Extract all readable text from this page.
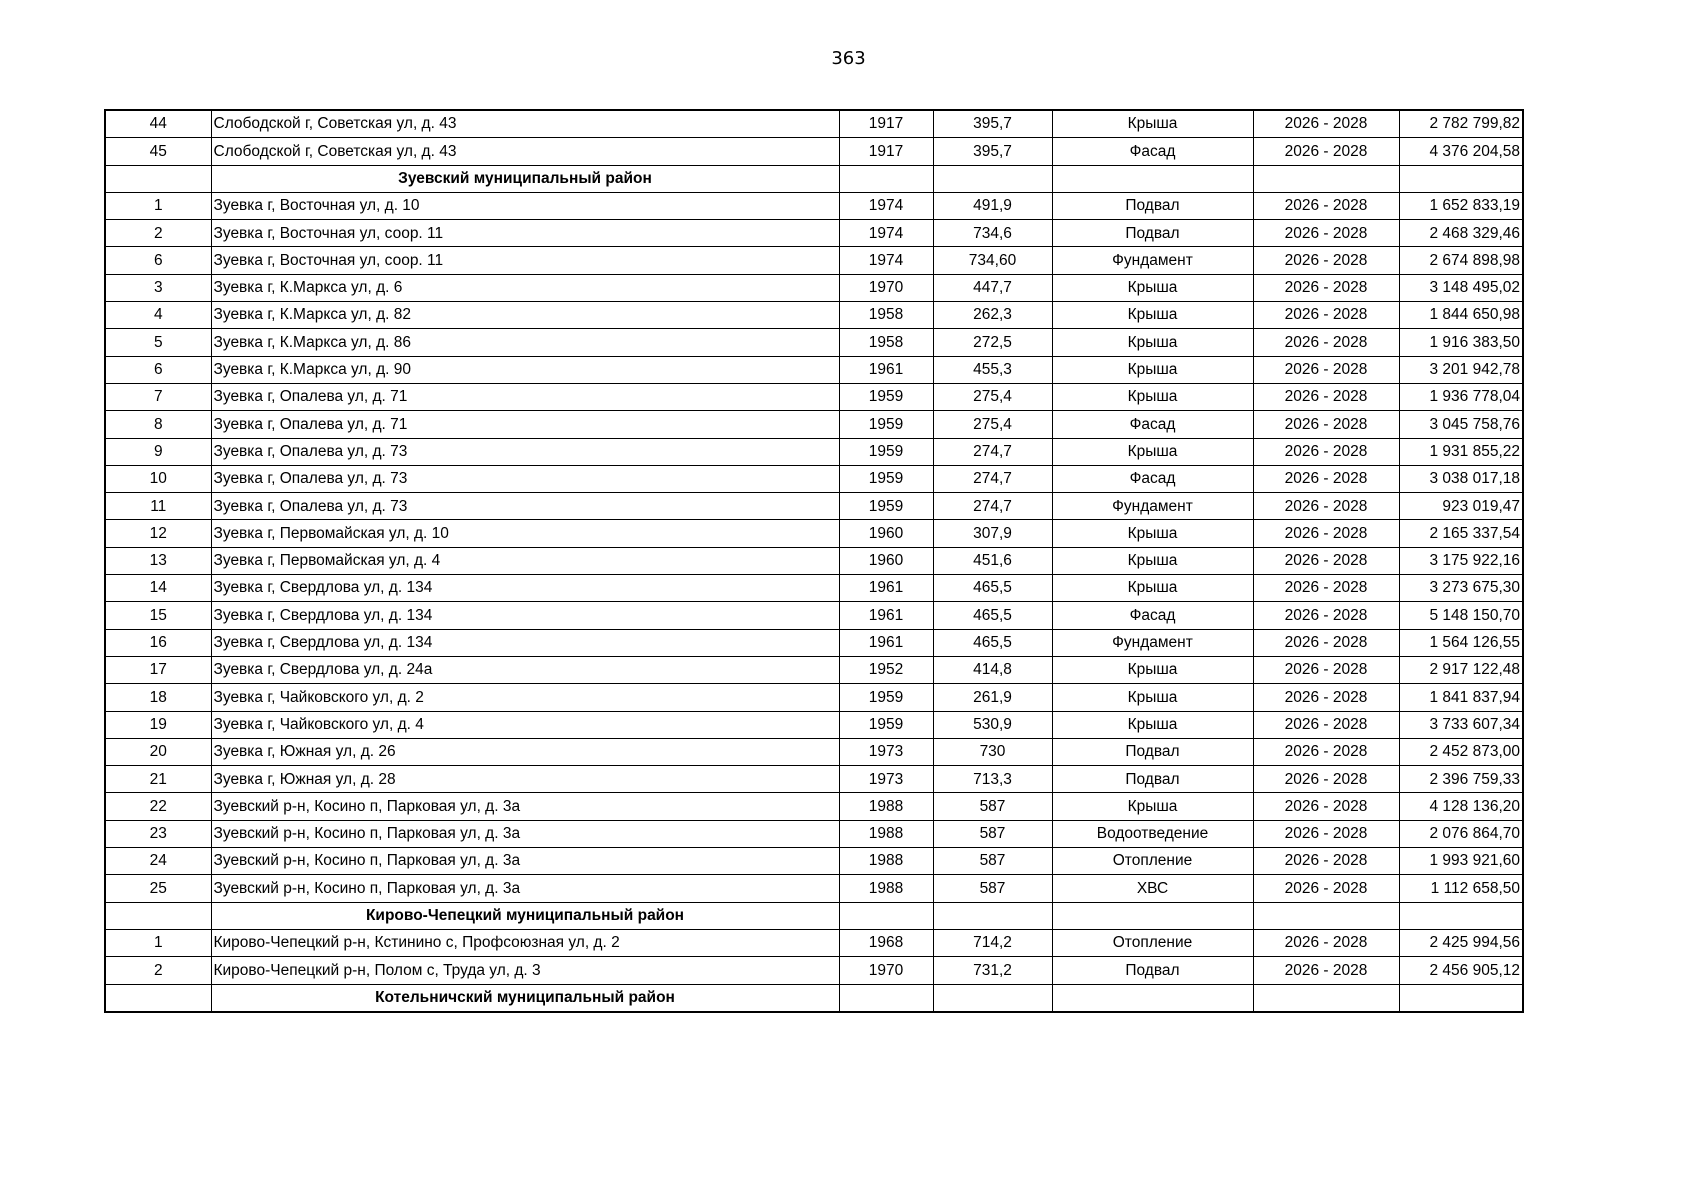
363
44	Слободской г, Советская ул, д. 43	1917	395,7	Крыша	2026 - 2028	2 782 799,82
45	Слободской г, Советская ул, д. 43	1917	395,7	Фасад	2026 - 2028	4 376 204,58
	Зуевский муниципальный район					
1	Зуевка г, Восточная ул, д. 10	1974	491,9	Подвал	2026 - 2028	1 652 833,19
2	Зуевка г, Восточная ул, соор. 11	1974	734,6	Подвал	2026 - 2028	2 468 329,46
6	Зуевка г, Восточная ул, соор. 11	1974	734,60	Фундамент	2026 - 2028	2 674 898,98
3	Зуевка г, К.Маркса ул, д. 6	1970	447,7	Крыша	2026 - 2028	3 148 495,02
4	Зуевка г, К.Маркса ул, д. 82	1958	262,3	Крыша	2026 - 2028	1 844 650,98
5	Зуевка г, К.Маркса ул, д. 86	1958	272,5	Крыша	2026 - 2028	1 916 383,50
6	Зуевка г, К.Маркса ул, д. 90	1961	455,3	Крыша	2026 - 2028	3 201 942,78
7	Зуевка г, Опалева ул, д. 71	1959	275,4	Крыша	2026 - 2028	1 936 778,04
8	Зуевка г, Опалева ул, д. 71	1959	275,4	Фасад	2026 - 2028	3 045 758,76
9	Зуевка г, Опалева ул, д. 73	1959	274,7	Крыша	2026 - 2028	1 931 855,22
10	Зуевка г, Опалева ул, д. 73	1959	274,7	Фасад	2026 - 2028	3 038 017,18
11	Зуевка г, Опалева ул, д. 73	1959	274,7	Фундамент	2026 - 2028	923 019,47
12	Зуевка г, Первомайская ул, д. 10	1960	307,9	Крыша	2026 - 2028	2 165 337,54
13	Зуевка г, Первомайская ул, д. 4	1960	451,6	Крыша	2026 - 2028	3 175 922,16
14	Зуевка г, Свердлова ул, д. 134	1961	465,5	Крыша	2026 - 2028	3 273 675,30
15	Зуевка г, Свердлова ул, д. 134	1961	465,5	Фасад	2026 - 2028	5 148 150,70
16	Зуевка г, Свердлова ул, д. 134	1961	465,5	Фундамент	2026 - 2028	1 564 126,55
17	Зуевка г, Свердлова ул, д. 24а	1952	414,8	Крыша	2026 - 2028	2 917 122,48
18	Зуевка г, Чайковского ул, д. 2	1959	261,9	Крыша	2026 - 2028	1 841 837,94
19	Зуевка г, Чайковского ул, д. 4	1959	530,9	Крыша	2026 - 2028	3 733 607,34
20	Зуевка г, Южная ул, д. 26	1973	730	Подвал	2026 - 2028	2 452 873,00
21	Зуевка г, Южная ул, д. 28	1973	713,3	Подвал	2026 - 2028	2 396 759,33
22	Зуевский р-н, Косино п, Парковая ул, д. 3а	1988	587	Крыша	2026 - 2028	4 128 136,20
23	Зуевский р-н, Косино п, Парковая ул, д. 3а	1988	587	Водоотведение	2026 - 2028	2 076 864,70
24	Зуевский р-н, Косино п, Парковая ул, д. 3а	1988	587	Отопление	2026 - 2028	1 993 921,60
25	Зуевский р-н, Косино п, Парковая ул, д. 3а	1988	587	ХВС	2026 - 2028	1 112 658,50
	Кирово-Чепецкий муниципальный район					
1	Кирово-Чепецкий р-н, Кстинино с, Профсоюзная ул, д. 2	1968	714,2	Отопление	2026 - 2028	2 425 994,56
2	Кирово-Чепецкий р-н, Полом с, Труда ул, д. 3	1970	731,2	Подвал	2026 - 2028	2 456 905,12
	Котельничский муниципальный район					
